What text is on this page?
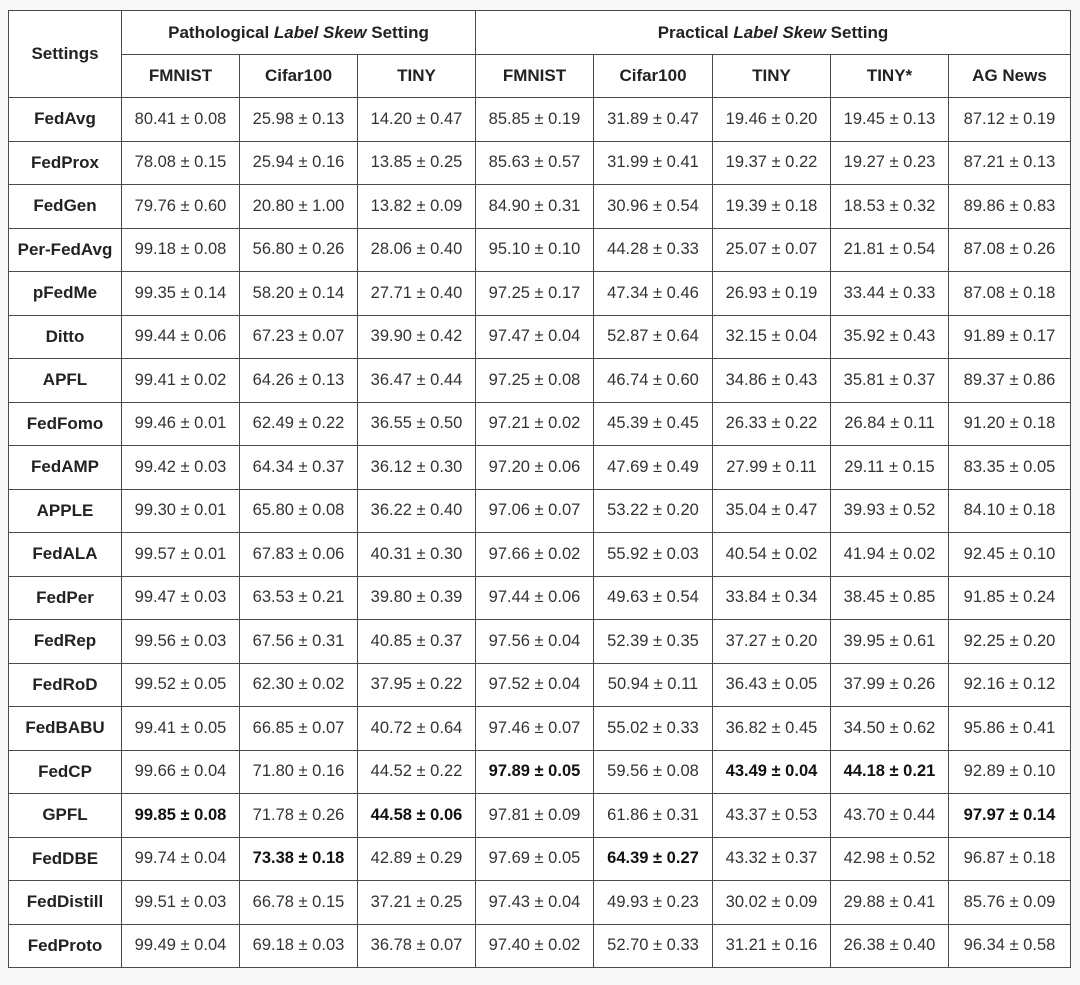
Settings	Pathological Label Skew Setting			Practical Label Skew Setting				
	FMNIST	Cifar100	TINY	FMNIST	Cifar100	TINY	TINY*	AG News
FedAvg	80.41 ± 0.08	25.98 ± 0.13	14.20 ± 0.47	85.85 ± 0.19	31.89 ± 0.47	19.46 ± 0.20	19.45 ± 0.13	87.12 ± 0.19
FedProx	78.08 ± 0.15	25.94 ± 0.16	13.85 ± 0.25	85.63 ± 0.57	31.99 ± 0.41	19.37 ± 0.22	19.27 ± 0.23	87.21 ± 0.13
FedGen	79.76 ± 0.60	20.80 ± 1.00	13.82 ± 0.09	84.90 ± 0.31	30.96 ± 0.54	19.39 ± 0.18	18.53 ± 0.32	89.86 ± 0.83
Per-FedAvg	99.18 ± 0.08	56.80 ± 0.26	28.06 ± 0.40	95.10 ± 0.10	44.28 ± 0.33	25.07 ± 0.07	21.81 ± 0.54	87.08 ± 0.26
pFedMe	99.35 ± 0.14	58.20 ± 0.14	27.71 ± 0.40	97.25 ± 0.17	47.34 ± 0.46	26.93 ± 0.19	33.44 ± 0.33	87.08 ± 0.18
Ditto	99.44 ± 0.06	67.23 ± 0.07	39.90 ± 0.42	97.47 ± 0.04	52.87 ± 0.64	32.15 ± 0.04	35.92 ± 0.43	91.89 ± 0.17
APFL	99.41 ± 0.02	64.26 ± 0.13	36.47 ± 0.44	97.25 ± 0.08	46.74 ± 0.60	34.86 ± 0.43	35.81 ± 0.37	89.37 ± 0.86
FedFomo	99.46 ± 0.01	62.49 ± 0.22	36.55 ± 0.50	97.21 ± 0.02	45.39 ± 0.45	26.33 ± 0.22	26.84 ± 0.11	91.20 ± 0.18
FedAMP	99.42 ± 0.03	64.34 ± 0.37	36.12 ± 0.30	97.20 ± 0.06	47.69 ± 0.49	27.99 ± 0.11	29.11 ± 0.15	83.35 ± 0.05
APPLE	99.30 ± 0.01	65.80 ± 0.08	36.22 ± 0.40	97.06 ± 0.07	53.22 ± 0.20	35.04 ± 0.47	39.93 ± 0.52	84.10 ± 0.18
FedALA	99.57 ± 0.01	67.83 ± 0.06	40.31 ± 0.30	97.66 ± 0.02	55.92 ± 0.03	40.54 ± 0.02	41.94 ± 0.02	92.45 ± 0.10
FedPer	99.47 ± 0.03	63.53 ± 0.21	39.80 ± 0.39	97.44 ± 0.06	49.63 ± 0.54	33.84 ± 0.34	38.45 ± 0.85	91.85 ± 0.24
FedRep	99.56 ± 0.03	67.56 ± 0.31	40.85 ± 0.37	97.56 ± 0.04	52.39 ± 0.35	37.27 ± 0.20	39.95 ± 0.61	92.25 ± 0.20
FedRoD	99.52 ± 0.05	62.30 ± 0.02	37.95 ± 0.22	97.52 ± 0.04	50.94 ± 0.11	36.43 ± 0.05	37.99 ± 0.26	92.16 ± 0.12
FedBABU	99.41 ± 0.05	66.85 ± 0.07	40.72 ± 0.64	97.46 ± 0.07	55.02 ± 0.33	36.82 ± 0.45	34.50 ± 0.62	95.86 ± 0.41
FedCP	99.66 ± 0.04	71.80 ± 0.16	44.52 ± 0.22	97.89 ± 0.05	59.56 ± 0.08	43.49 ± 0.04	44.18 ± 0.21	92.89 ± 0.10
GPFL	99.85 ± 0.08	71.78 ± 0.26	44.58 ± 0.06	97.81 ± 0.09	61.86 ± 0.31	43.37 ± 0.53	43.70 ± 0.44	97.97 ± 0.14
FedDBE	99.74 ± 0.04	73.38 ± 0.18	42.89 ± 0.29	97.69 ± 0.05	64.39 ± 0.27	43.32 ± 0.37	42.98 ± 0.52	96.87 ± 0.18
FedDistill	99.51 ± 0.03	66.78 ± 0.15	37.21 ± 0.25	97.43 ± 0.04	49.93 ± 0.23	30.02 ± 0.09	29.88 ± 0.41	85.76 ± 0.09
FedProto	99.49 ± 0.04	69.18 ± 0.03	36.78 ± 0.07	97.40 ± 0.02	52.70 ± 0.33	31.21 ± 0.16	26.38 ± 0.40	96.34 ± 0.58
